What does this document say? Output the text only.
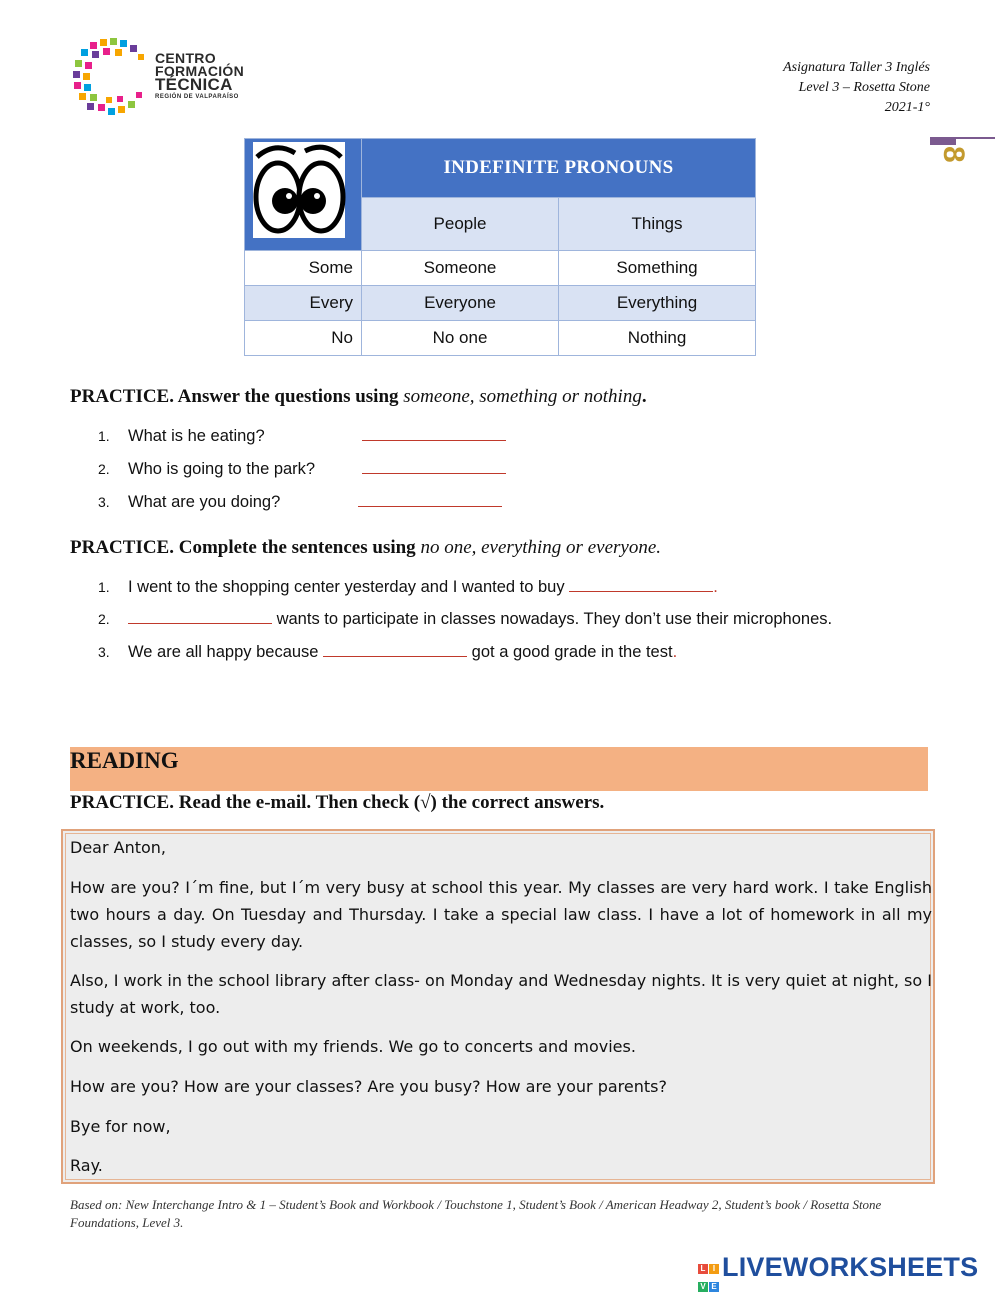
CENTRO
FORMACIÓN
TÉCNICA
REGIÓN DE VALPARAÍSO
Asignatura Taller 3 Inglés
Level 3 – Rosetta Stone
2021-1°
8
	INDEFINITE PRONOUNS	
	People	Things
Some	Someone	Something
Every	Everyone	Everything
No	No one	Nothing
PRACTICE. Answer the questions using someone, something or nothing.
1. What is he eating?
2. Who is going to the park?
3. What are you doing?
PRACTICE. Complete the sentences using no one, everything or everyone.
1. I went to the shopping center yesterday and I wanted to buy	.
2.	wants to participate in classes nowadays. They don’t use their microphones.
3. We are all happy because	got a good grade in the test.
READING
PRACTICE. Read the e-mail. Then check (√) the correct answers.

Dear Anton,

How are you? I´m fine, but I´m very busy at school this year. My classes are very hard work. I take English two hours a day. On Tuesday and Thursday. I take a special law class. I have a lot of homework in all my classes, so I study every day.

Also, I work in the school library after class- on Monday and Wednesday nights. It is very quiet at night, so I study at work, too.

On weekends, I go out with my friends. We go to concerts and movies.

How are you? How are your classes? Are you busy? How are your parents?

Bye for now,

Ray.

Based on: New Interchange Intro & 1 – Student’s Book and Workbook / Touchstone 1, Student’s Book / American Headway 2, Student’s book / Rosetta Stone Foundations, Level 3.
L I V E
LIVEWORKSHEETS
